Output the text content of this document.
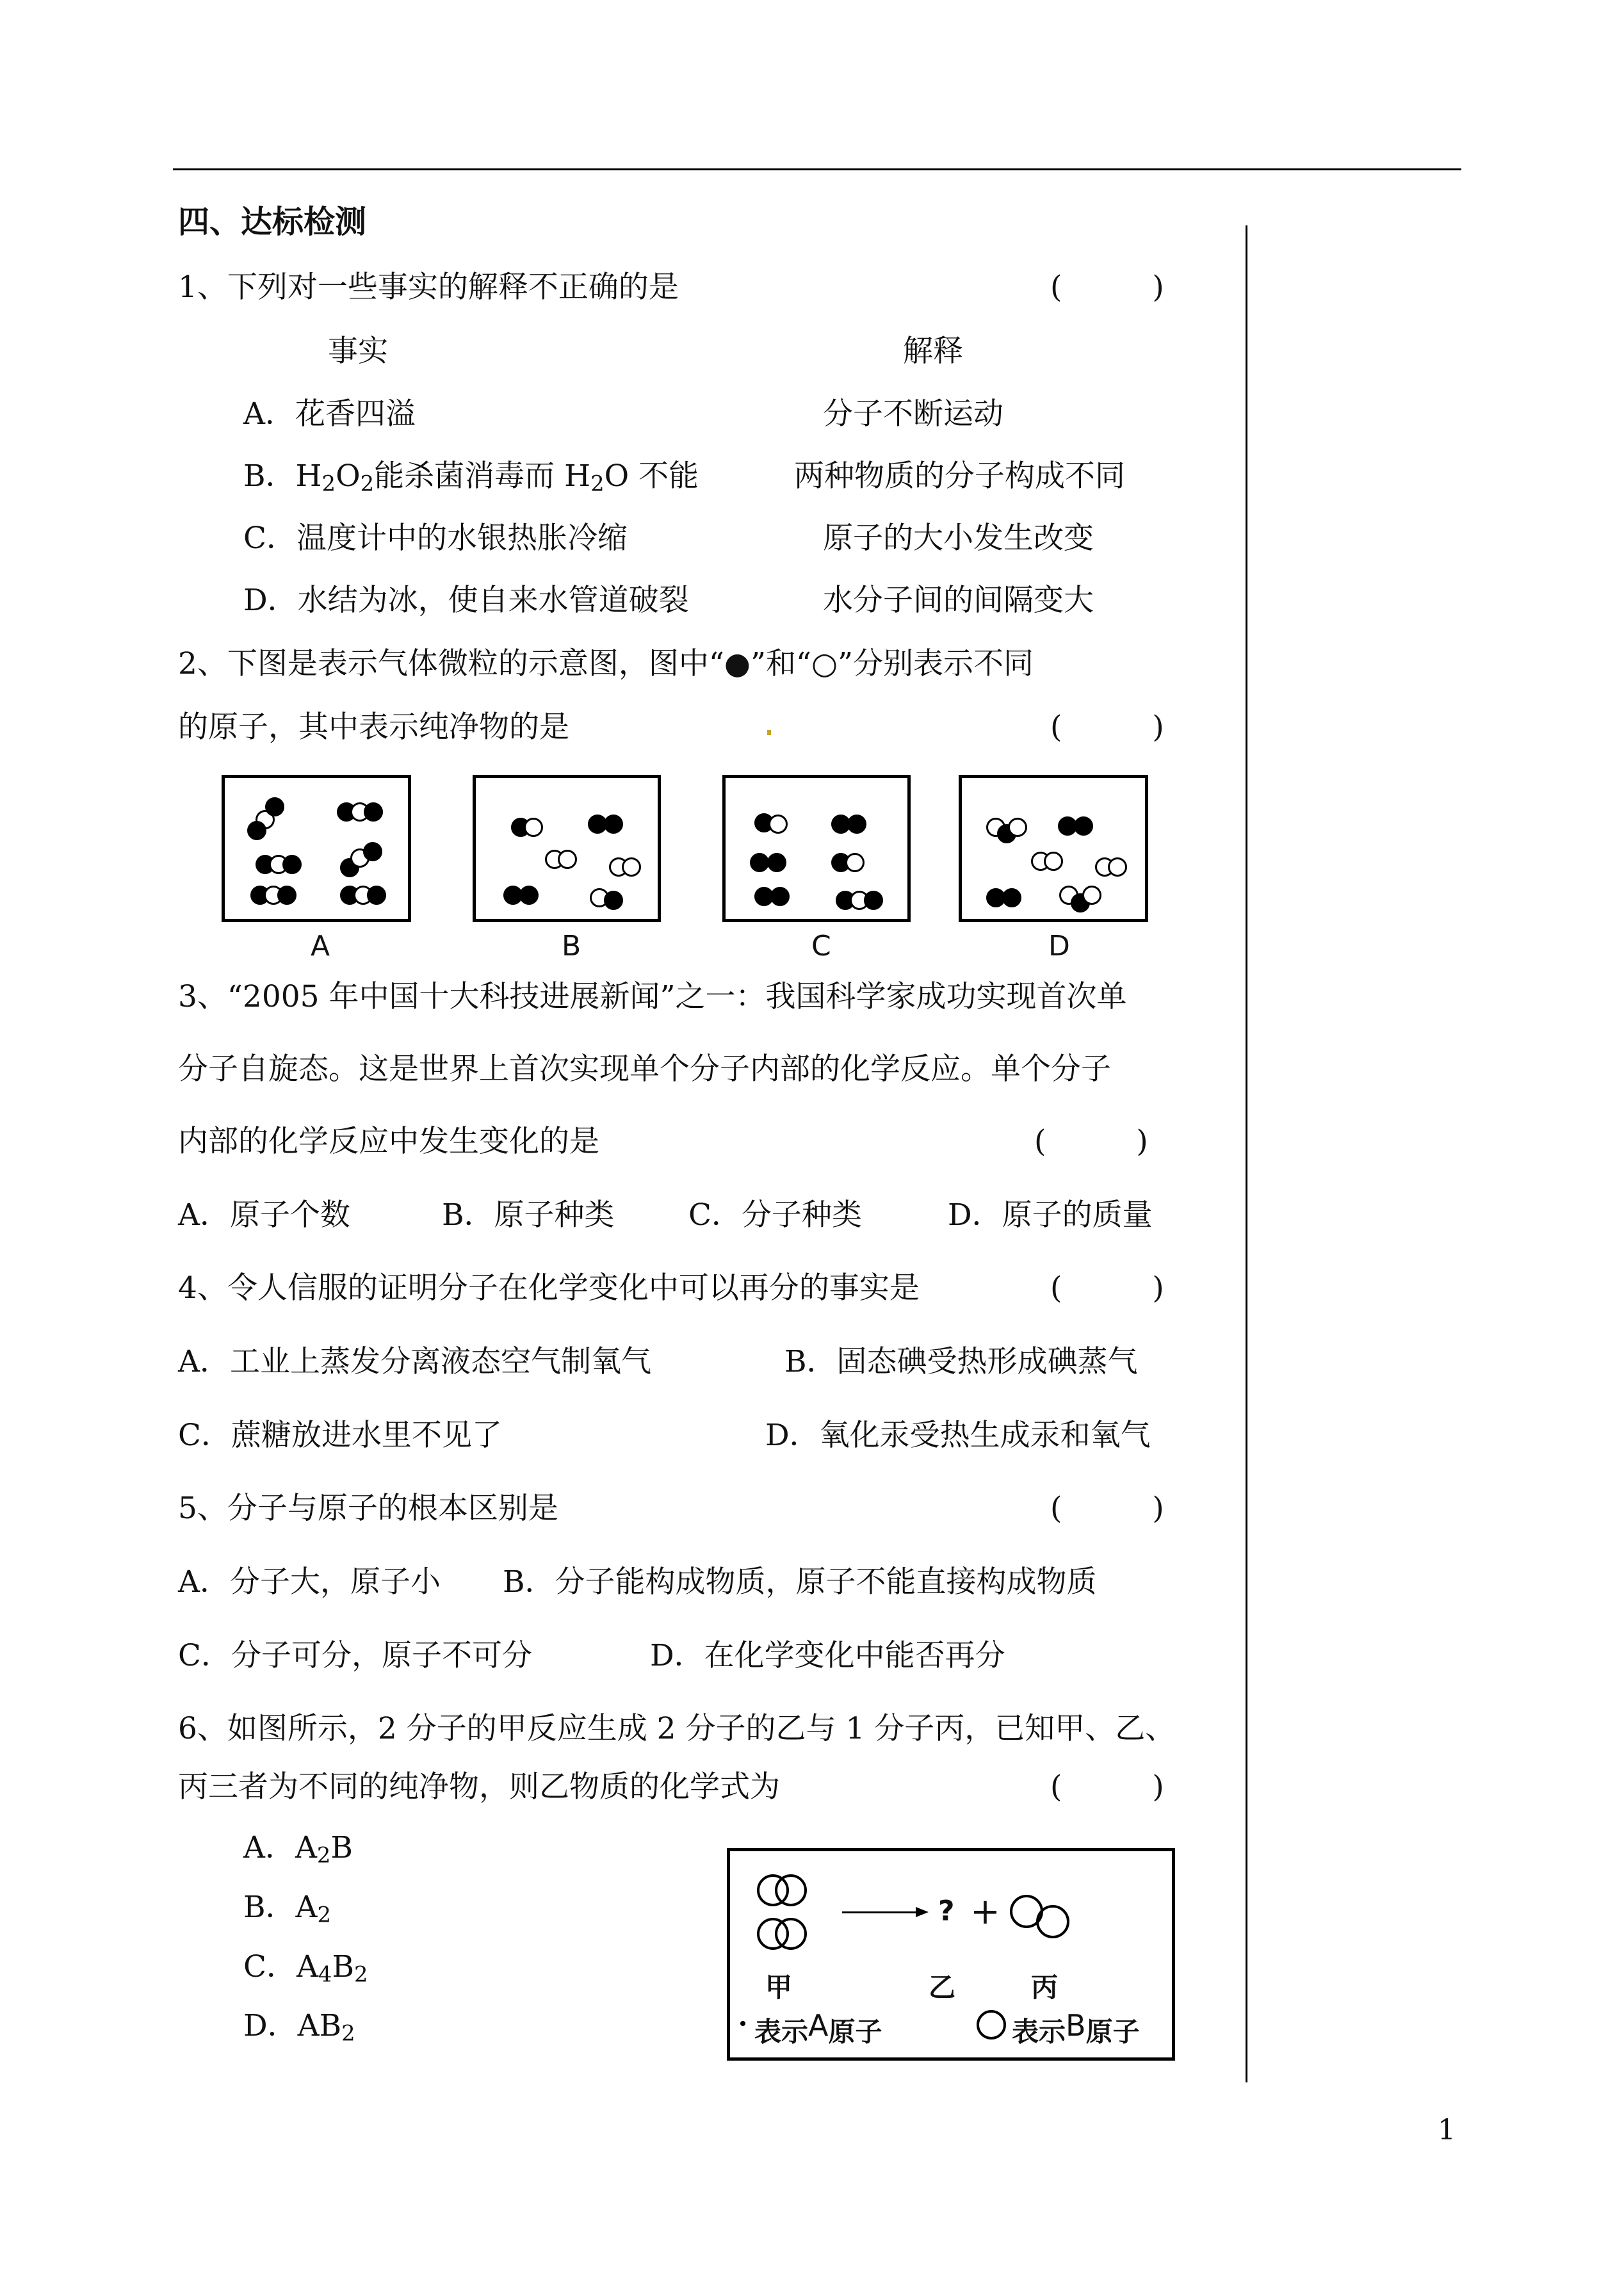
四、达标检测
1、下列对一些事实的解释不正确的是	(　　　)
事实	解释
A．花香四溢	分子不断运动
B．$H_2O_2$能杀菌消毒而 $H_2O$ 不能	两种物质的分子构成不同
C．温度计中的水银热胀冷缩	原子的大小发生改变
D．水结为冰，使自来水管道破裂	水分子间的间隔变大
2、下图是表示气体微粒的示意图，图中“●”和“○”分别表示不同
的原子，其中表示纯净物的是	(　　　)
A	B	C	D
3、“2005 年中国十大科技进展新闻”之一：我国科学家成功实现首次单
分子自旋态。这是世界上首次实现单个分子内部的化学反应。单个分子
内部的化学反应中发生变化的是	(　　　)
A．原子个数	B．原子种类 C．分子种类	D．原子的质量
4、令人信服的证明分子在化学变化中可以再分的事实是	(　　　)
A．工业上蒸发分离液态空气制氧气	B．固态碘受热形成碘蒸气
C．蔗糖放进水里不见了	D．氧化汞受热生成汞和氧气
5、分子与原子的根本区别是	(　　　)
A．分子大，原子小 B．分子能构成物质，原子不能直接构成物质
C．分子可分，原子不可分	D．在化学变化中能否再分
6、如图所示，2 分子的甲反应生成 2 分子的乙与 1 分子丙，已知甲、乙、
丙三者为不同的纯净物，则乙物质的化学式为	(　　　)
A．$A_2B$
B．$A_2$
C．$A_4B_2$
D．$AB_2$
? +
甲	乙	丙
表示A原子	表示B原子
1
